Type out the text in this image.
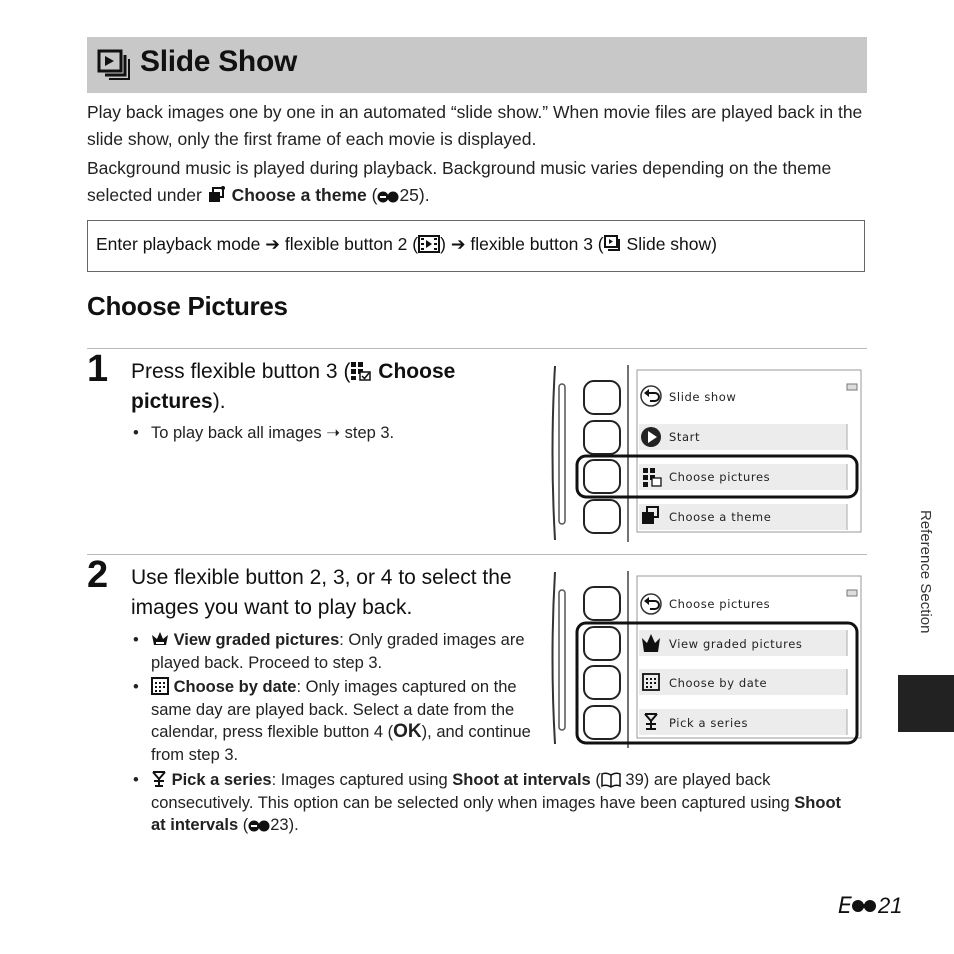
Slide Show
Play back images one by one in an automated “slide show.” When movie files are played back in the slide show, only the first frame of each movie is displayed.
Background music is played during playback. Background music varies depending on the theme selected under Choose a theme ( 25).
Enter playback mode ➔ flexible button 2 ( ) ➔ flexible button 3 ( Slide show)
Choose Pictures
1 Press flexible button 3 ( Choose pictures).
• To play back all images ➝ step 3.
Slide show
Start
Choose pictures
Choose a theme
2 Use flexible button 2, 3, or 4 to select the images you want to play back.
• View graded pictures: Only graded images are played back. Proceed to step 3.
• Choose by date: Only images captured on the same day are played back. Select a date from the calendar, press flexible button 4 (OK), and continue from step 3.
• Pick a series: Images captured using Shoot at intervals ( 39) are played back consecutively. This option can be selected only when images have been captured using Shoot at intervals ( 23).
Choose pictures
View graded pictures
Choose by date
Pick a series
Reference Section
E 21
